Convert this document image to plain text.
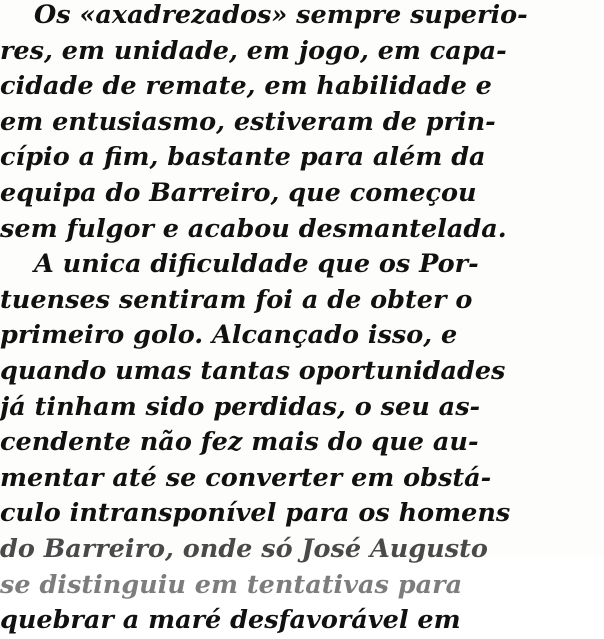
Os «axadrezados» sempre superio-
res, em unidade, em jogo, em capa-
cidade de remate, em habilidade e
em entusiasmo, estiveram de prin-
cípio a fim, bastante para além da
equipa do Barreiro, que começou
sem fulgor e acabou desmantelada.
A unica dificuldade que os Por-
tuenses sentiram foi a de obter o
primeiro golo. Alcançado isso, e
quando umas tantas oportunidades
já tinham sido perdidas, o seu as-
cendente não fez mais do que au-
mentar até se converter em obstá-
culo intransponível para os homens
do Barreiro, onde só José Augusto
se distinguiu em tentativas para
quebrar a maré desfavorável em
